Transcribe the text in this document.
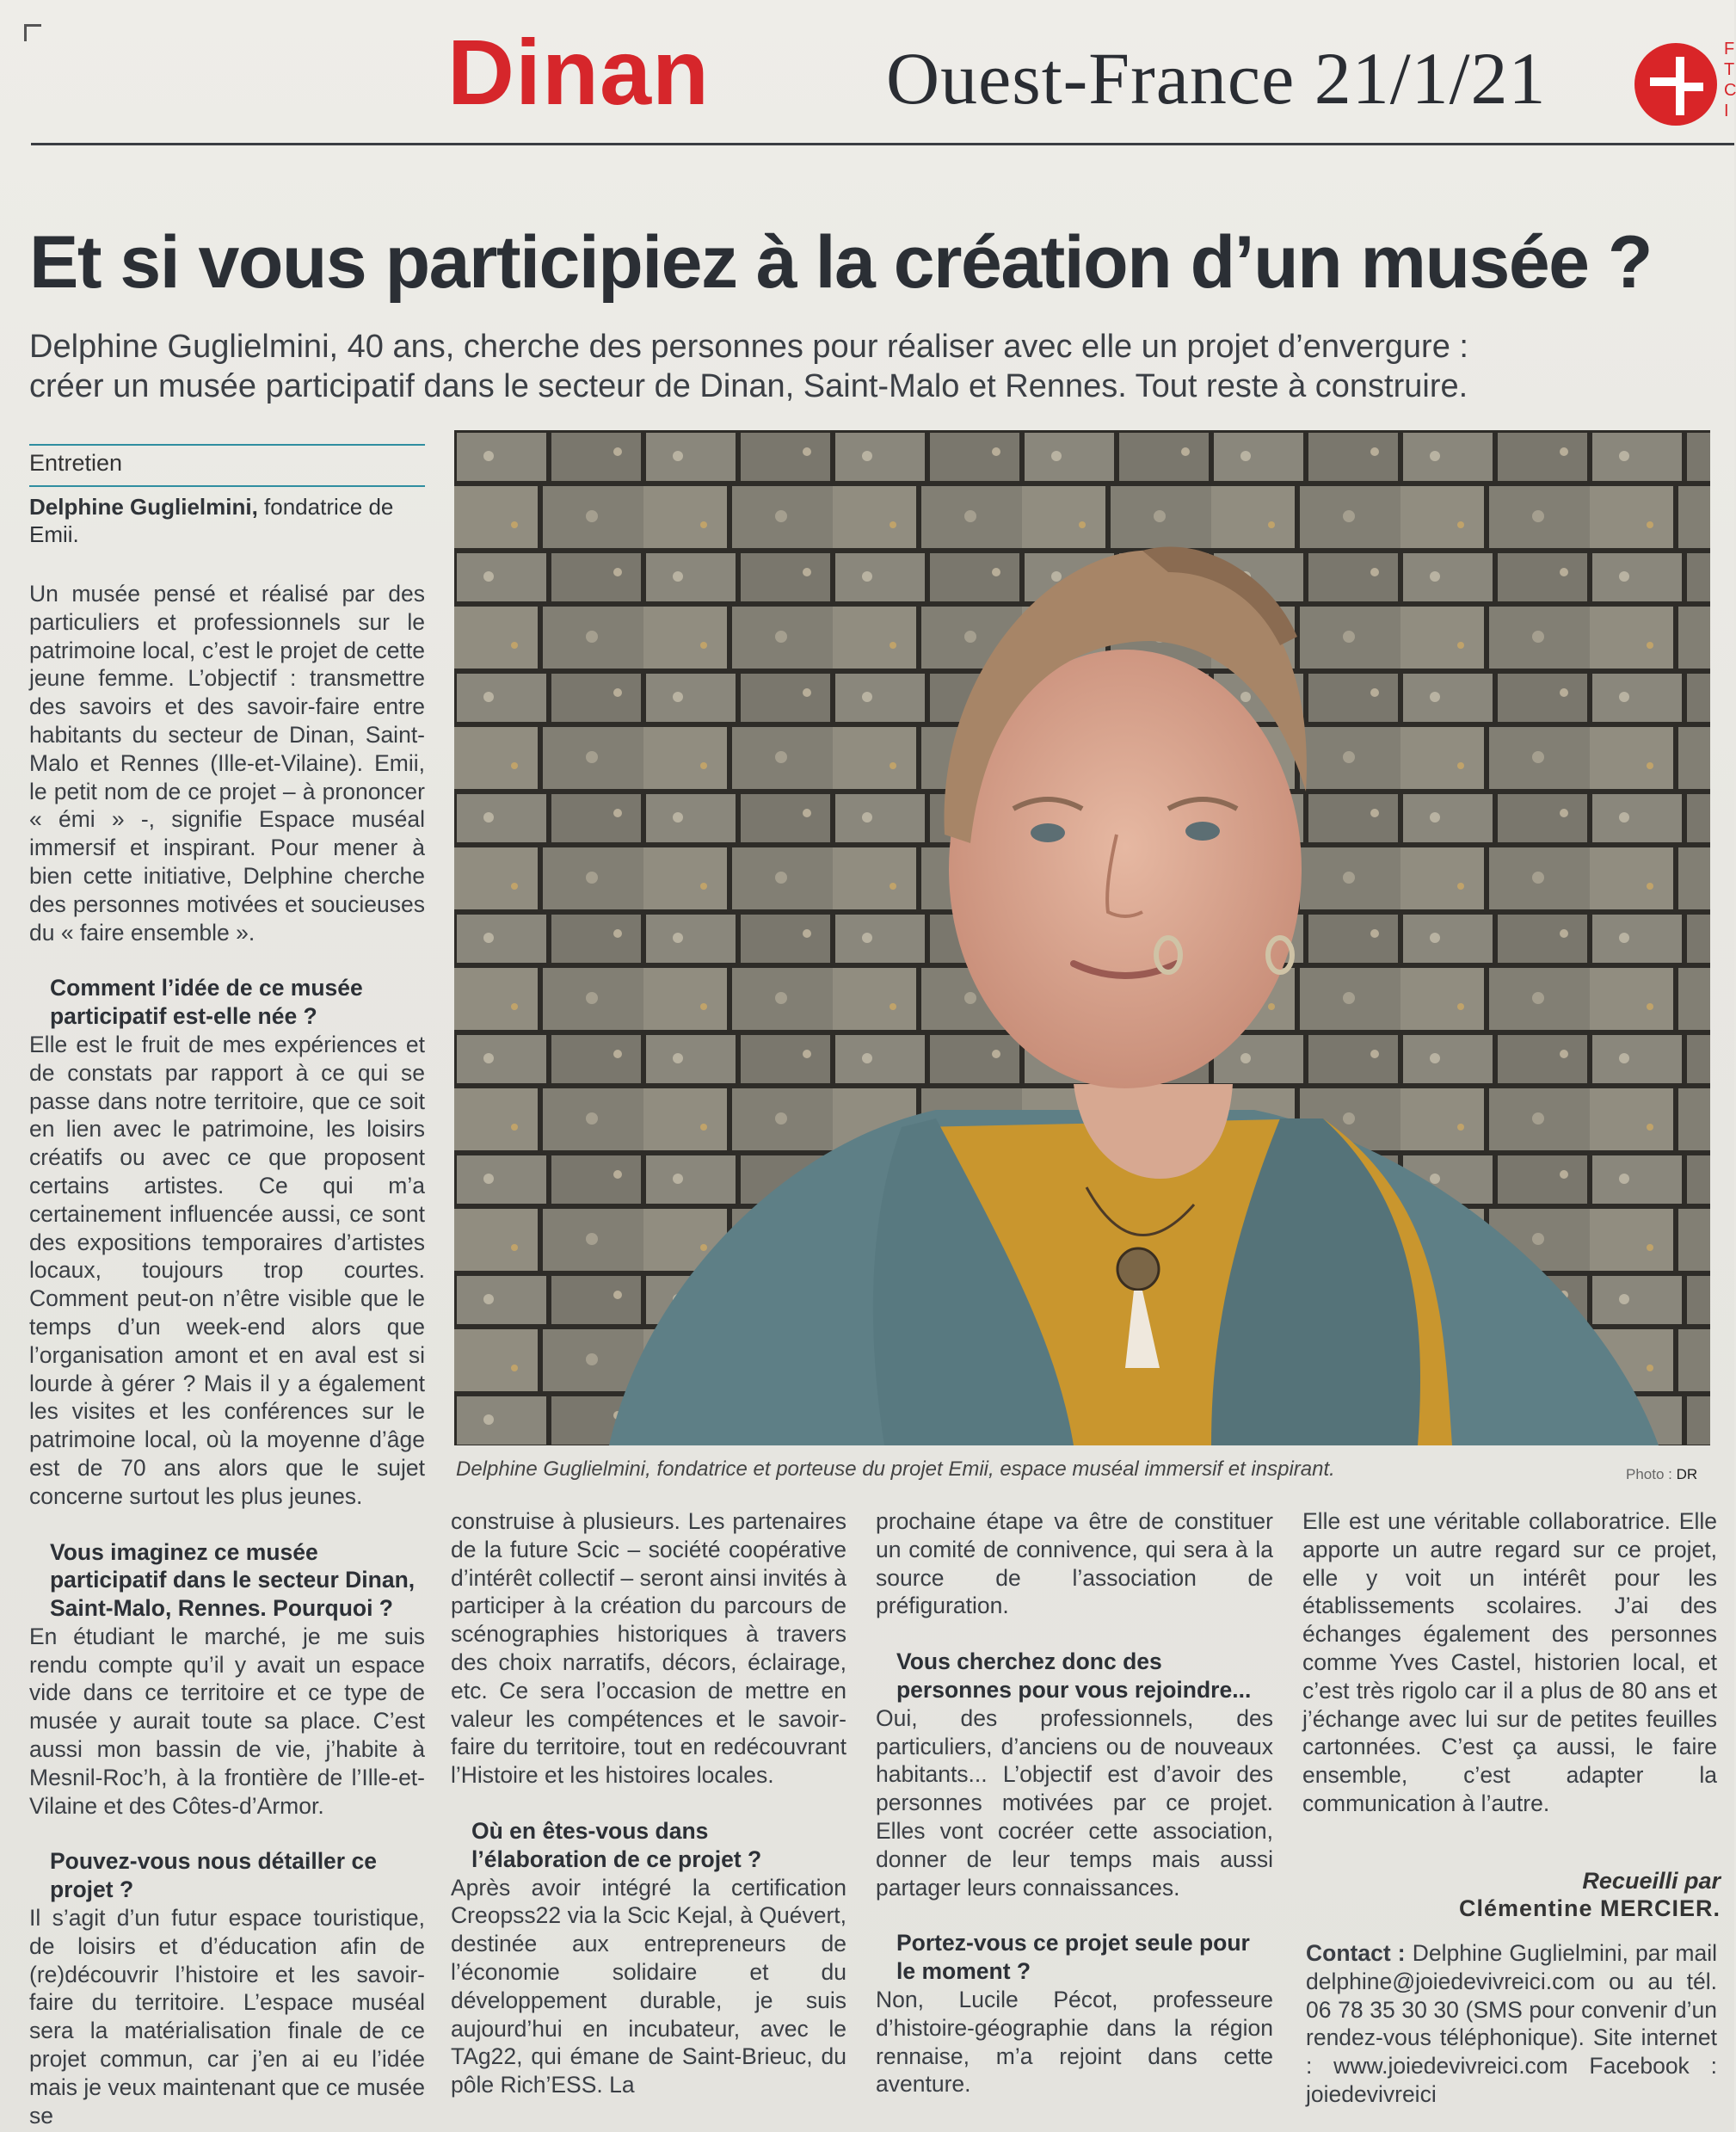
Dinan Ouest-France 21/1/21	F T C I
Et si vous participiez à la création d’un musée ?
Delphine Guglielmini, 40 ans, cherche des personnes pour réaliser avec elle un projet d’envergure :
créer un musée participatif dans le secteur de Dinan, Saint-Malo et Rennes. Tout reste à construire.
Entretien
Delphine Guglielmini, fondatrice de Emii.

Un musée pensé et réalisé par des particuliers et professionnels sur le patrimoine local, c’est le projet de cette jeune femme. L’objectif : transmettre des savoirs et des savoir-faire entre habitants du secteur de Dinan, Saint-Malo et Rennes (Ille-et-Vilaine). Emii, le petit nom de ce projet – à prononcer « émi » -, signifie Espace muséal immersif et inspirant. Pour mener à bien cette initiative, Delphine cherche des personnes motivées et soucieuses du « faire ensemble ».

Comment l’idée de ce musée participatif est-elle née ?

Elle est le fruit de mes expériences et de constats par rapport à ce qui se passe dans notre territoire, que ce soit en lien avec le patrimoine, les loisirs créatifs ou avec ce que proposent certains artistes. Ce qui m’a certainement influencée aussi, ce sont des expositions temporaires d’artistes locaux, toujours trop courtes. Comment peut-on n’être visible que le temps d’un week-end alors que l’organisation amont et en aval est si lourde à gérer ? Mais il y a également les visites et les conférences sur le patrimoine local, où la moyenne d’âge est de 70 ans alors que le sujet concerne surtout les plus jeunes.

Vous imaginez ce musée participatif dans le secteur Dinan, Saint-Malo, Rennes. Pourquoi ?

En étudiant le marché, je me suis rendu compte qu’il y avait un espace vide dans ce territoire et ce type de musée y aurait toute sa place. C’est aussi mon bassin de vie, j’habite à Mesnil-Roc’h, à la frontière de l’Ille-et-Vilaine et des Côtes-d’Armor.

Pouvez-vous nous détailler ce projet ?

Il s’agit d’un futur espace touristique, de loisirs et d’éducation afin de (re)découvrir l’histoire et les savoir-faire du territoire. L’espace muséal sera la matérialisation finale de ce projet commun, car j’en ai eu l’idée mais je veux maintenant que ce musée se

Delphine Guglielmini, fondatrice et porteuse du projet Emii, espace muséal immersif et inspirant.	Photo : DR

construise à plusieurs. Les partenaires de la future Scic – société coopérative d’intérêt collectif – seront ainsi invités à participer à la création du parcours de scénographies historiques à travers des choix narratifs, décors, éclairage, etc. Ce sera l’occasion de mettre en valeur les compétences et le savoir-faire du territoire, tout en redécouvrant l’Histoire et les histoires locales.

Où en êtes-vous dans l’élaboration de ce projet ?

Après avoir intégré la certification Creopss22 via la Scic Kejal, à Quévert, destinée aux entrepreneurs de l’économie solidaire et du développement durable, je suis aujourd’hui en incubateur, avec le TAg22, qui émane de Saint-Brieuc, du pôle Rich’ESS. La

prochaine étape va être de constituer un comité de connivence, qui sera à la source de l’association de préfiguration.

Vous cherchez donc des personnes pour vous rejoindre...

Oui, des professionnels, des particuliers, d’anciens ou de nouveaux habitants... L’objectif est d’avoir des personnes motivées par ce projet. Elles vont cocréer cette association, donner de leur temps mais aussi partager leurs connaissances.

Portez-vous ce projet seule pour le moment ?

Non, Lucile Pécot, professeure d’histoire-géographie dans la région rennaise, m’a rejoint dans cette aventure.

Elle est une véritable collaboratrice. Elle apporte un autre regard sur ce projet, elle y voit un intérêt pour les établissements scolaires. J’ai des échanges également des personnes comme Yves Castel, historien local, et c’est très rigolo car il a plus de 80 ans et j’échange avec lui sur de petites feuilles cartonnées. C’est ça aussi, le faire ensemble, c’est adapter la communication à l’autre.

Recueilli par
Clémentine MERCIER.
Contact : Delphine Guglielmini, par mail delphine@joiedevivreici.com ou au tél. 06 78 35 30 30 (SMS pour convenir d’un rendez-vous téléphonique). Site internet : www.joiedevivreici.com Facebook : joiedevivreici
